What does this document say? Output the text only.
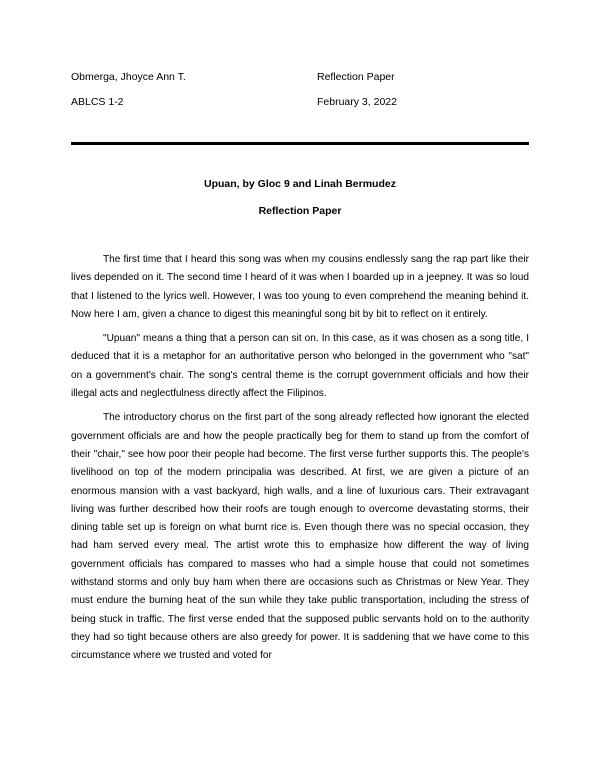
Obmerga, Jhoyce Ann T.	Reflection Paper
ABLCS 1-2	February 3, 2022
Upuan, by Gloc 9 and Linah Bermudez
Reflection Paper

The first time that I heard this song was when my cousins endlessly sang the rap part like their lives depended on it. The second time I heard of it was when I boarded up in a jeepney. It was so loud that I listened to the lyrics well. However, I was too young to even comprehend the meaning behind it. Now here I am, given a chance to digest this meaningful song bit by bit to reflect on it entirely.

"Upuan" means a thing that a person can sit on. In this case, as it was chosen as a song title, I deduced that it is a metaphor for an authoritative person who belonged in the government who "sat" on a government's chair. The song's central theme is the corrupt government officials and how their illegal acts and neglectfulness directly affect the Filipinos.

The introductory chorus on the first part of the song already reflected how ignorant the elected government officials are and how the people practically beg for them to stand up from the comfort of their "chair," see how poor their people had become. The first verse further supports this. The people's livelihood on top of the modern principalia was described. At first, we are given a picture of an enormous mansion with a vast backyard, high walls, and a line of luxurious cars. Their extravagant living was further described how their roofs are tough enough to overcome devastating storms, their dining table set up is foreign on what burnt rice is. Even though there was no special occasion, they had ham served every meal. The artist wrote this to emphasize how different the way of living government officials has compared to masses who had a simple house that could not sometimes withstand storms and only buy ham when there are occasions such as Christmas or New Year. They must endure the burning heat of the sun while they take public transportation, including the stress of being stuck in traffic. The first verse ended that the supposed public servants hold on to the authority they had so tight because others are also greedy for power. It is saddening that we have come to this circumstance where we trusted and voted for
